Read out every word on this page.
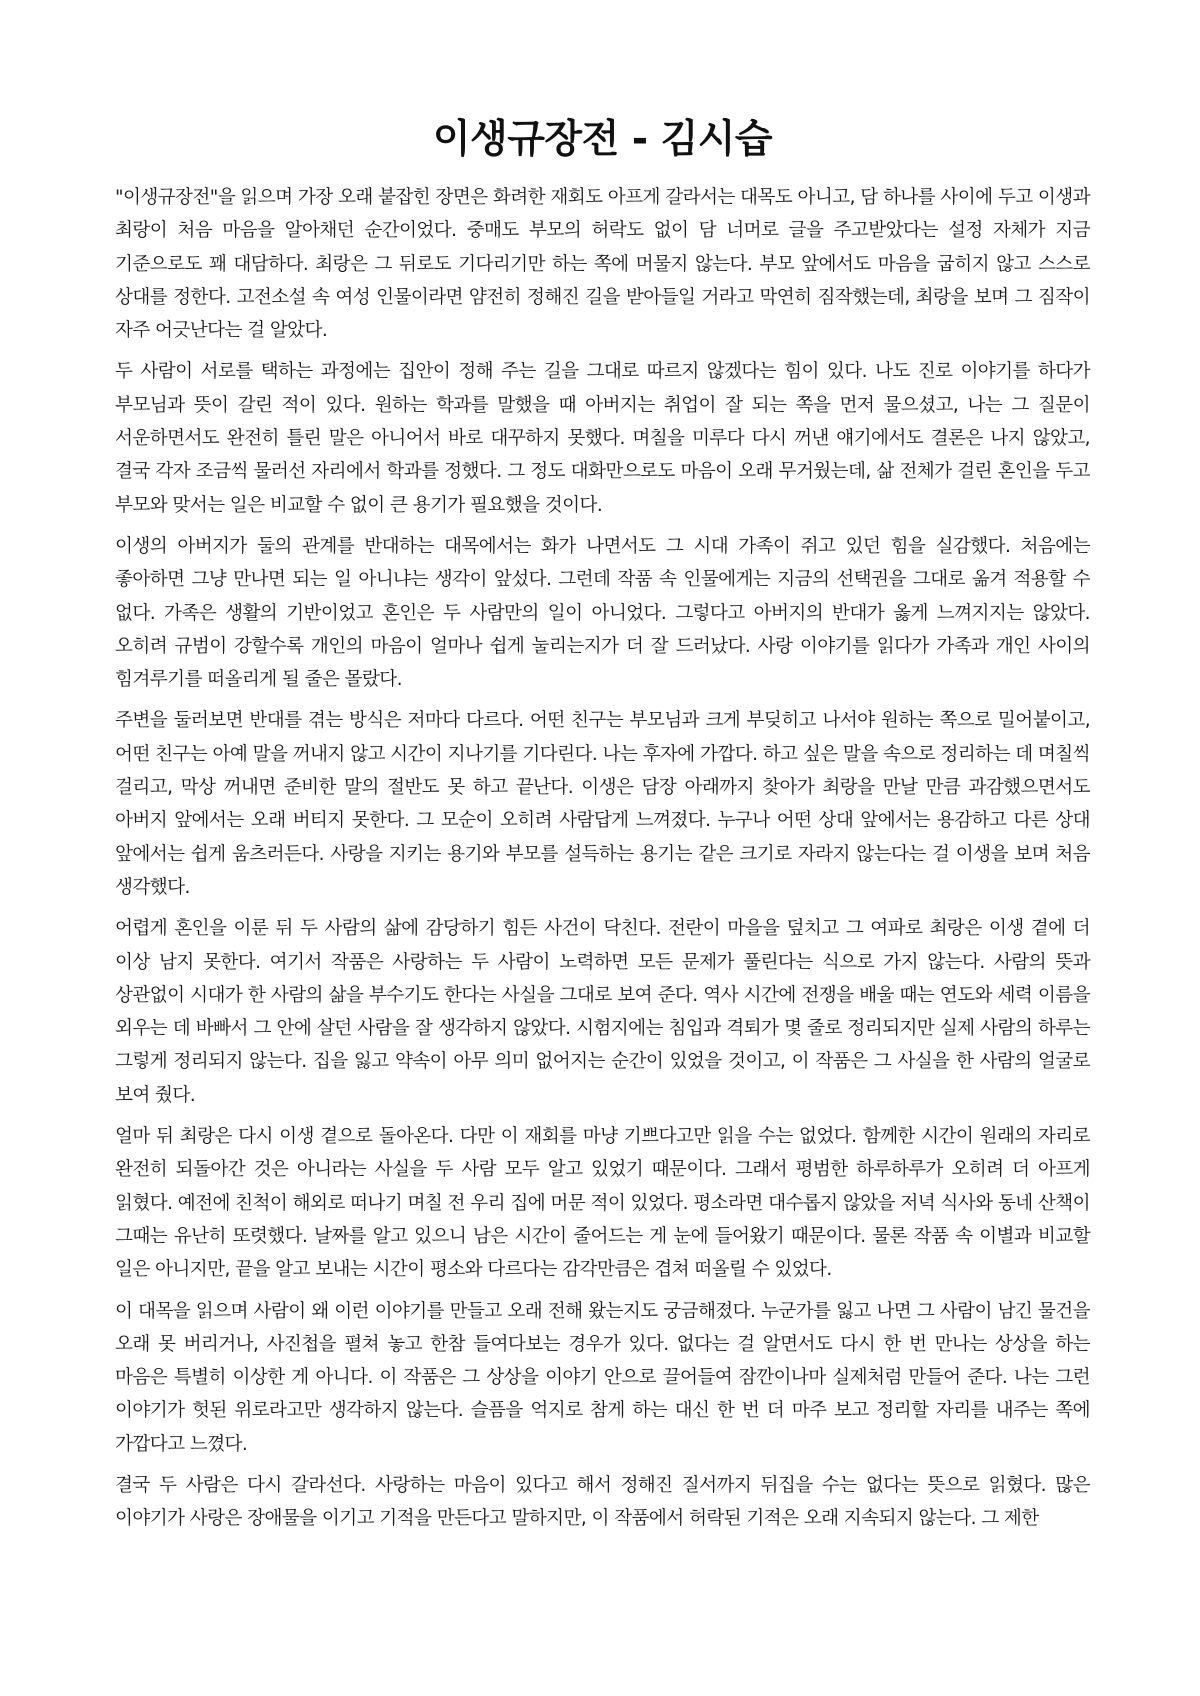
이생규장전 - 김시습

"이생규장전"을 읽으며 가장 오래 붙잡힌 장면은 화려한 재회도 아프게 갈라서는 대목도 아니고, 담 하나를 사이에 두고 이생과 최랑이 처음 마음을 알아채던 순간이었다. 중매도 부모의 허락도 없이 담 너머로 글을 주고받았다는 설정 자체가 지금 기준으로도 꽤 대담하다. 최랑은 그 뒤로도 기다리기만 하는 쪽에 머물지 않는다. 부모 앞에서도 마음을 굽히지 않고 스스로 상대를 정한다. 고전소설 속 여성 인물이라면 얌전히 정해진 길을 받아들일 거라고 막연히 짐작했는데, 최랑을 보며 그 짐작이 자주 어긋난다는 걸 알았다.

두 사람이 서로를 택하는 과정에는 집안이 정해 주는 길을 그대로 따르지 않겠다는 힘이 있다. 나도 진로 이야기를 하다가 부모님과 뜻이 갈린 적이 있다. 원하는 학과를 말했을 때 아버지는 취업이 잘 되는 쪽을 먼저 물으셨고, 나는 그 질문이 서운하면서도 완전히 틀린 말은 아니어서 바로 대꾸하지 못했다. 며칠을 미루다 다시 꺼낸 얘기에서도 결론은 나지 않았고, 결국 각자 조금씩 물러선 자리에서 학과를 정했다. 그 정도 대화만으로도 마음이 오래 무거웠는데, 삶 전체가 걸린 혼인을 두고 부모와 맞서는 일은 비교할 수 없이 큰 용기가 필요했을 것이다.

이생의 아버지가 둘의 관계를 반대하는 대목에서는 화가 나면서도 그 시대 가족이 쥐고 있던 힘을 실감했다. 처음에는 좋아하면 그냥 만나면 되는 일 아니냐는 생각이 앞섰다. 그런데 작품 속 인물에게는 지금의 선택권을 그대로 옮겨 적용할 수 없다. 가족은 생활의 기반이었고 혼인은 두 사람만의 일이 아니었다. 그렇다고 아버지의 반대가 옳게 느껴지지는 않았다. 오히려 규범이 강할수록 개인의 마음이 얼마나 쉽게 눌리는지가 더 잘 드러났다. 사랑 이야기를 읽다가 가족과 개인 사이의 힘겨루기를 떠올리게 될 줄은 몰랐다.

주변을 둘러보면 반대를 겪는 방식은 저마다 다르다. 어떤 친구는 부모님과 크게 부딪히고 나서야 원하는 쪽으로 밀어붙이고, 어떤 친구는 아예 말을 꺼내지 않고 시간이 지나기를 기다린다. 나는 후자에 가깝다. 하고 싶은 말을 속으로 정리하는 데 며칠씩 걸리고, 막상 꺼내면 준비한 말의 절반도 못 하고 끝난다. 이생은 담장 아래까지 찾아가 최랑을 만날 만큼 과감했으면서도 아버지 앞에서는 오래 버티지 못한다. 그 모순이 오히려 사람답게 느껴졌다. 누구나 어떤 상대 앞에서는 용감하고 다른 상대 앞에서는 쉽게 움츠러든다. 사랑을 지키는 용기와 부모를 설득하는 용기는 같은 크기로 자라지 않는다는 걸 이생을 보며 처음 생각했다.

어렵게 혼인을 이룬 뒤 두 사람의 삶에 감당하기 힘든 사건이 닥친다. 전란이 마을을 덮치고 그 여파로 최랑은 이생 곁에 더 이상 남지 못한다. 여기서 작품은 사랑하는 두 사람이 노력하면 모든 문제가 풀린다는 식으로 가지 않는다. 사람의 뜻과 상관없이 시대가 한 사람의 삶을 부수기도 한다는 사실을 그대로 보여 준다. 역사 시간에 전쟁을 배울 때는 연도와 세력 이름을 외우는 데 바빠서 그 안에 살던 사람을 잘 생각하지 않았다. 시험지에는 침입과 격퇴가 몇 줄로 정리되지만 실제 사람의 하루는 그렇게 정리되지 않는다. 집을 잃고 약속이 아무 의미 없어지는 순간이 있었을 것이고, 이 작품은 그 사실을 한 사람의 얼굴로 보여 줬다.

얼마 뒤 최랑은 다시 이생 곁으로 돌아온다. 다만 이 재회를 마냥 기쁘다고만 읽을 수는 없었다. 함께한 시간이 원래의 자리로 완전히 되돌아간 것은 아니라는 사실을 두 사람 모두 알고 있었기 때문이다. 그래서 평범한 하루하루가 오히려 더 아프게 읽혔다. 예전에 친척이 해외로 떠나기 며칠 전 우리 집에 머문 적이 있었다. 평소라면 대수롭지 않았을 저녁 식사와 동네 산책이 그때는 유난히 또렷했다. 날짜를 알고 있으니 남은 시간이 줄어드는 게 눈에 들어왔기 때문이다. 물론 작품 속 이별과 비교할 일은 아니지만, 끝을 알고 보내는 시간이 평소와 다르다는 감각만큼은 겹쳐 떠올릴 수 있었다.

이 대목을 읽으며 사람이 왜 이런 이야기를 만들고 오래 전해 왔는지도 궁금해졌다. 누군가를 잃고 나면 그 사람이 남긴 물건을 오래 못 버리거나, 사진첩을 펼쳐 놓고 한참 들여다보는 경우가 있다. 없다는 걸 알면서도 다시 한 번 만나는 상상을 하는 마음은 특별히 이상한 게 아니다. 이 작품은 그 상상을 이야기 안으로 끌어들여 잠깐이나마 실제처럼 만들어 준다. 나는 그런 이야기가 헛된 위로라고만 생각하지 않는다. 슬픔을 억지로 참게 하는 대신 한 번 더 마주 보고 정리할 자리를 내주는 쪽에 가깝다고 느꼈다.

결국 두 사람은 다시 갈라선다. 사랑하는 마음이 있다고 해서 정해진 질서까지 뒤집을 수는 없다는 뜻으로 읽혔다. 많은 이야기가 사랑은 장애물을 이기고 기적을 만든다고 말하지만, 이 작품에서 허락된 기적은 오래 지속되지 않는다. 그 제한
